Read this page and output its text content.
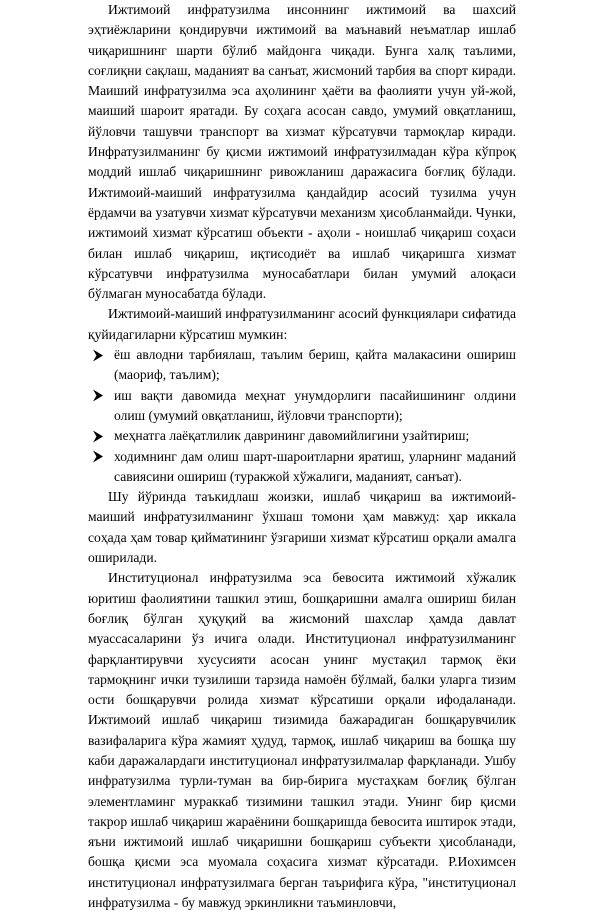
Ижтимоий инфратузилма инсоннинг ижтимоий ва шахсий эҳтиёжларини қондирувчи ижтимоий ва маънавий неъматлар ишлаб чиқаришнинг шарти бўлиб майдонга чиқади. Бунга халқ таълими, соғлиқни сақлаш, маданият ва санъат, жисмоний тарбия ва спорт киради. Маиший инфратузилма эса аҳолининг ҳаёти ва фаолияти учун уй-жой, маиший шароит яратади. Бу соҳага асосан савдо, умумий овқатланиш, йўловчи ташувчи транспорт ва хизмат кўрсатувчи тармоқлар киради. Инфратузилманинг бу қисми ижтимоий инфратузилмадан кўра кўпроқ моддий ишлаб чиқаришнинг ривожланиш даражасига боғлиқ бўлади. Ижтимоий-маиший инфратузилма қандайдир асосий тузилма учун ёрдамчи ва узатувчи хизмат кўрсатувчи механизм ҳисобланмайди. Чунки, ижтимоий хизмат кўрсатиш объекти - аҳоли - ноишлаб чиқариш соҳаси билан ишлаб чиқариш, иқтисодиёт ва ишлаб чиқаришга хизмат кўрсатувчи инфратузилма муносабатлари билан умумий алоқаси бўлмаган муносабатда бўлади.

Ижтимоий-маиший инфратузилманинг асосий функциялари сифатида қуйидагиларни кўрсатиш мумкин:

ёш авлодни тарбиялаш, таълим бериш, қайта малакасини ошириш (маориф, таълим);
иш вақти давомида меҳнат унумдорлиги пасайишининг олдини олиш (умумий овқатланиш, йўловчи транспорти);
меҳнатга лаёқатлилик даврининг давомийлигини узайтириш;
ходимнинг дам олиш шарт-шароитларни яратиш, уларнинг маданий савиясини ошириш (туракжой хўжалиги, маданият, санъат).

Шу йўринда таъкидлаш жоизки, ишлаб чиқариш ва ижтимоий-маиший инфратузилманинг ўхшаш томони ҳам мавжуд: ҳар иккала соҳада ҳам товар қийматининг ўзгариши хизмат кўрсатиш орқали амалга оширилади.

Институционал инфратузилма эса бевосита ижтимоий хўжалик юритиш фаолиятини ташкил этиш, бошқаришни амалга ошириш билан боғлиқ бўлган ҳуқуқий ва жисмоний шахслар ҳамда давлат муассасаларини ўз ичига олади. Институционал инфратузилманинг фарқлантирувчи хусусияти асосан унинг мустақил тармоқ ёки тармоқнинг ички тузилиши тарзида намоён бўлмай, балки уларга тизим ости бошқарувчи ролида хизмат кўрсатиши орқали ифодаланади. Ижтимоий ишлаб чиқариш тизимида бажарадиган бошқарувчилик вазифаларига кўра жамият ҳудуд, тармоқ, ишлаб чиқариш ва бошқа шу каби даражалардаги институционал инфратузилмалар фарқланади. Ушбу инфратузилма турли-туман ва бир-бирига мустаҳкам боғлиқ бўлган элементламинг мураккаб тизимини ташкил этади. Унинг бир қисми такрор ишлаб чиқариш жараёнини бошқаришда бевосита иштирок этади, яъни ижтимоий ишлаб чиқаришни бошқариш субъекти ҳисобланади, бошқа қисми эса муомала соҳасига хизмат кўрсатади. Р.Иохимсен институционал инфратузилмага берган таърифига кўра, "институционал инфратузилма - бу мавжуд эркинликни таъминловчи,
